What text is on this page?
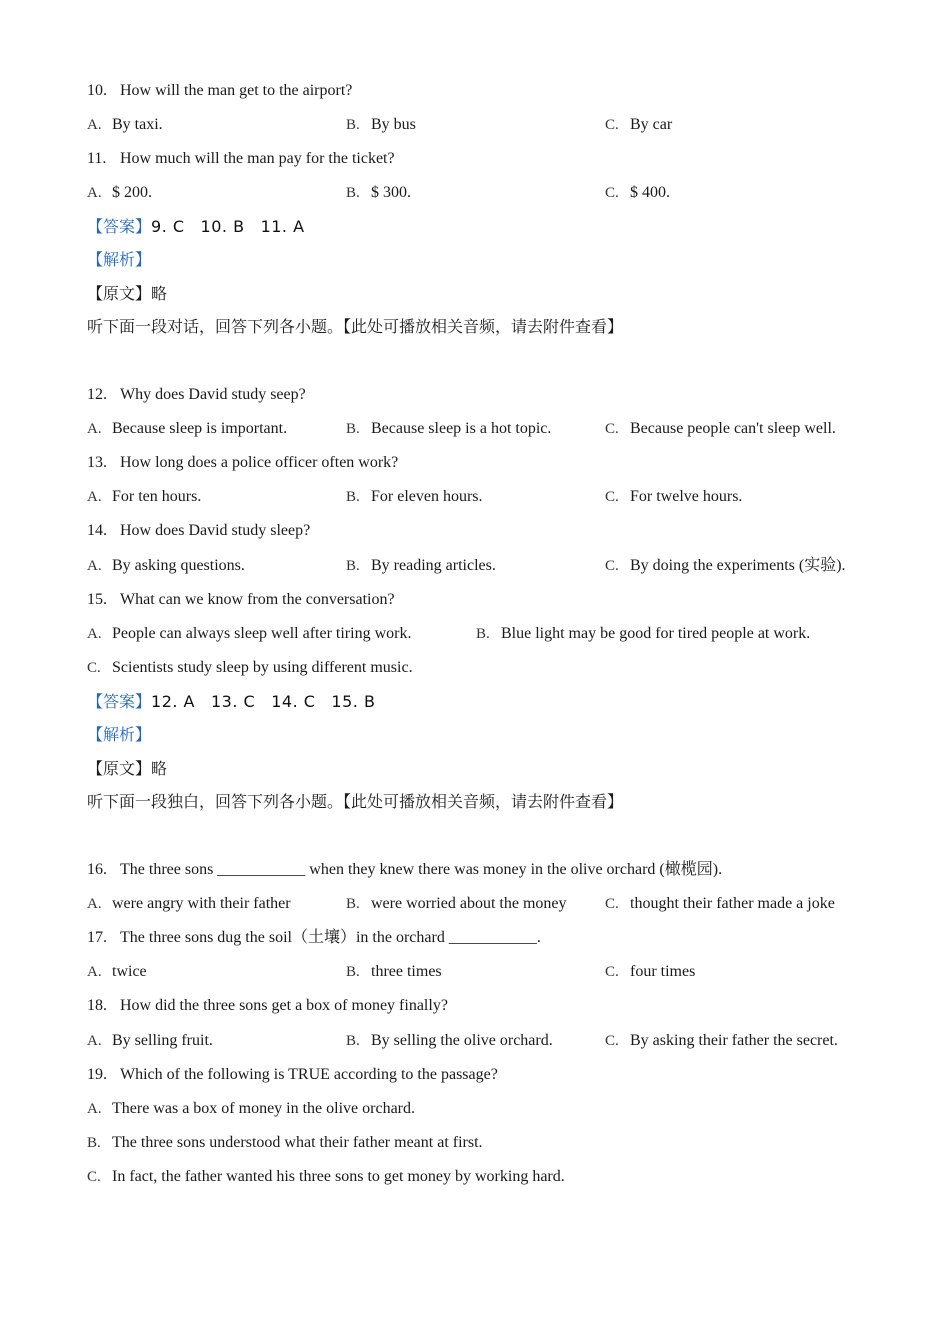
10. How will the man get to the airport?
A. By taxi.	B. By bus	C. By car
11. How much will the man pay for the ticket?
A. $ 200.	B. $ 300.	C. $ 400.
【答案】9. C 10. B 11. A
【解析】
【原文】略
听下面一段对话，回答下列各小题。【此处可播放相关音频，请去附件查看】
12. Why does David study seep?
A. Because sleep is important.	B. Because sleep is a hot topic.	C. Because people can't sleep well.
13. How long does a police officer often work?
A. For ten hours.	B. For eleven hours.	C. For twelve hours.
14. How does David study sleep?
A. By asking questions.	B. By reading articles.	C. By doing the experiments (实验).
15. What can we know from the conversation?
A. People can always sleep well after tiring work.	B. Blue light may be good for tired people at work.
C. Scientists study sleep by using different music.
【答案】12. A 13. C 14. C 15. B
【解析】
【原文】略
听下面一段独白，回答下列各小题。【此处可播放相关音频，请去附件查看】
16. The three sons ___________ when they knew there was money in the olive orchard (橄榄园).
A. were angry with their father	B. were worried about the money	C. thought their father made a joke
17. The three sons dug the soil（土壤）in the orchard ___________.
A. twice	B. three times	C. four times
18. How did the three sons get a box of money finally?
A. By selling fruit.	B. By selling the olive orchard.	C. By asking their father the secret.
19. Which of the following is TRUE according to the passage?
A. There was a box of money in the olive orchard.
B. The three sons understood what their father meant at first.
C. In fact, the father wanted his three sons to get money by working hard.
